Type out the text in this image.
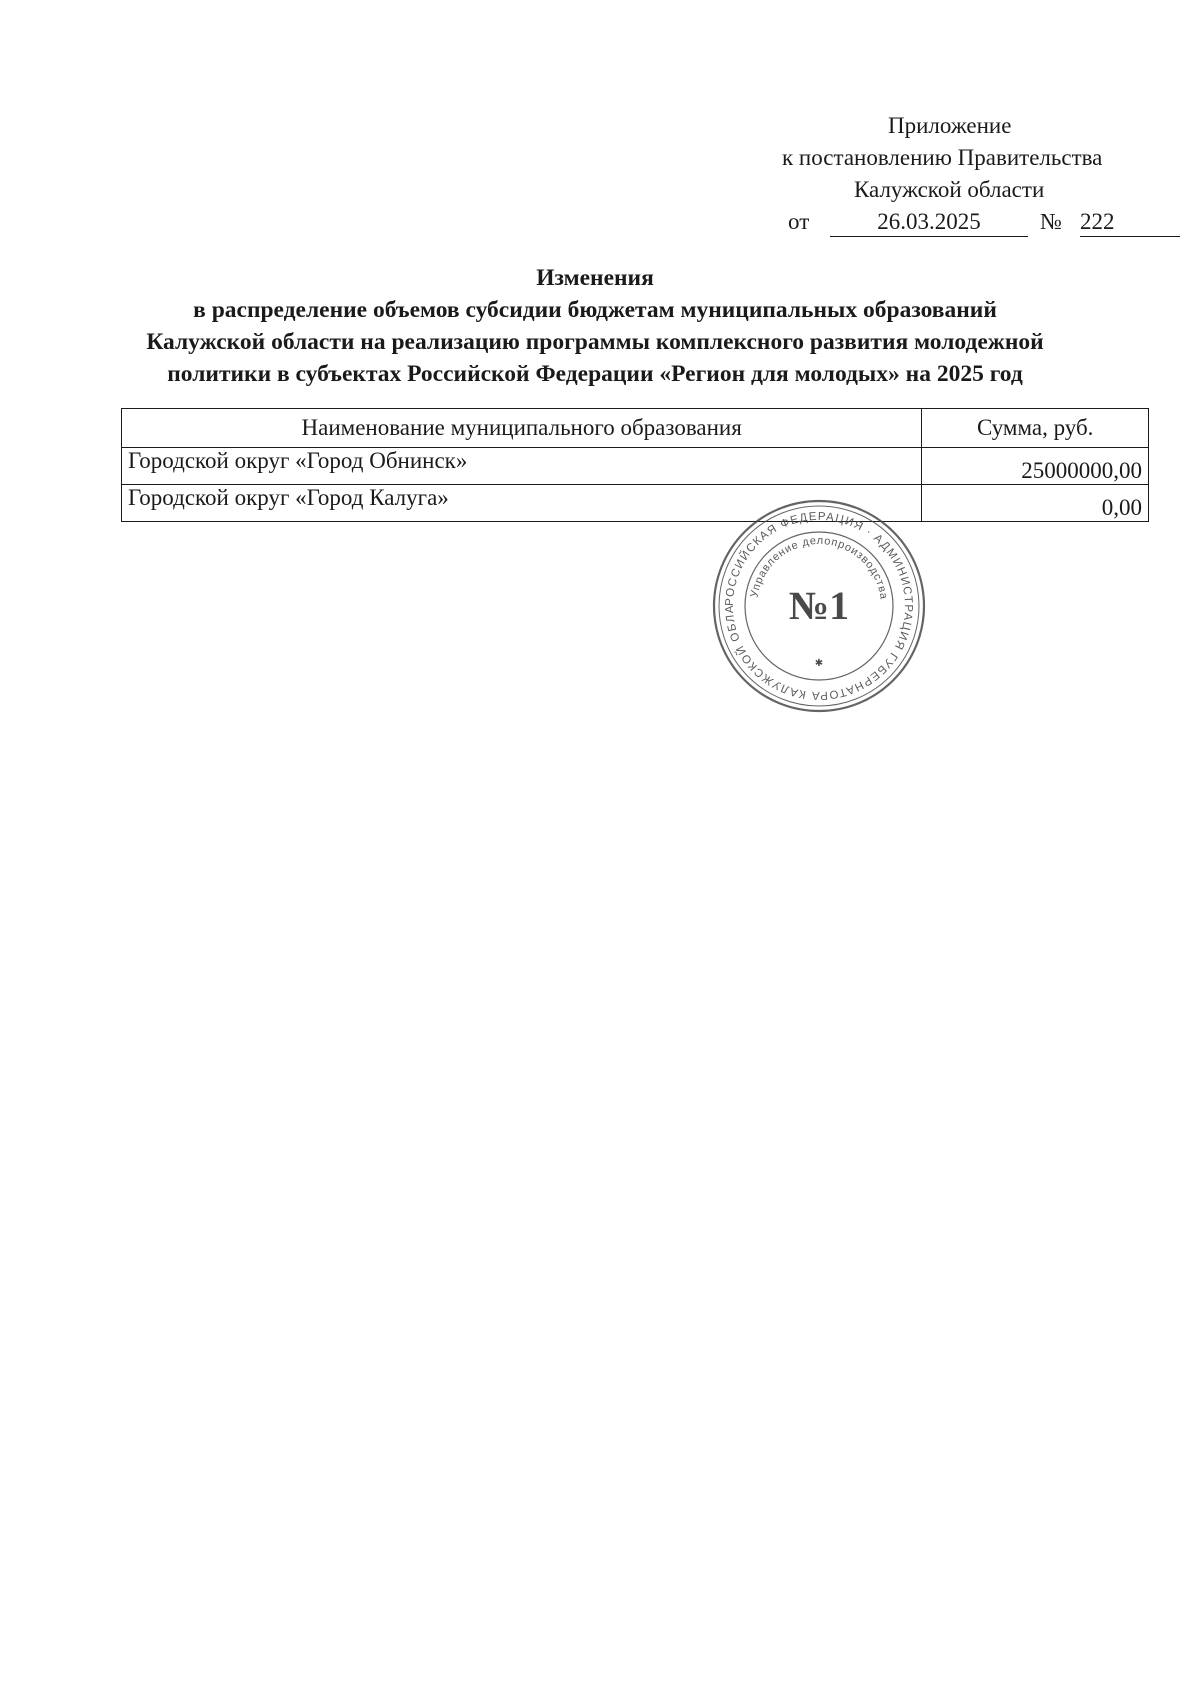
Приложение
к постановлению Правительства
Калужской области
от	26.03.2025	№ 222
Изменения
в распределение объемов субсидии бюджетам муниципальных образований
Калужской области на реализацию программы комплексного развития молодежной
политики в субъектах Российской Федерации «Регион для молодых» на 2025 год
Наименование муниципального образования	Сумма, руб.
Городской округ «Город Обнинск»	25000000,00
Городской округ «Город Калуга»	0,00
РОССИЙСКАЯ ФЕДЕРАЦИЯ · АДМИНИСТРАЦИЯ ГУБЕРНАТОРА КАЛУЖСКОЙ ОБЛА
Управление делопроизводства
№1
✱
